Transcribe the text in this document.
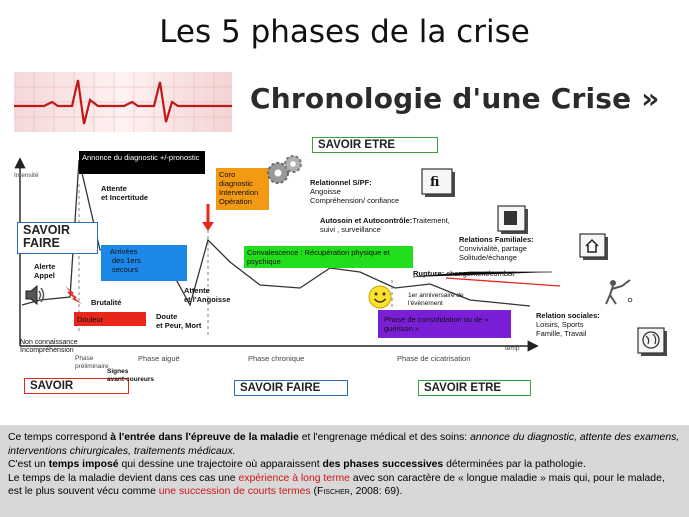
Les 5 phases de la crise
Chronologie d'une Crise »
Intensité
temp
SAVOIR ETRE
SAVOIR FAIRE
SAVOIR	SAVOIR FAIRE	SAVOIR ETRE
Annonce du diagnostic +/-pronostic
Coro
diagnostic
Intervention
Opération
Arrivées
des 1ers
secours
Convalescence : Récupération physique et psychique
Douleur	Phase de consolidation ou de « guérison »
Attente
et Incertitude
Alerte
Appel
Brutalité
Attente
et l'Angoisse
Doute
et Peur, Mort
Relationnel S/PF:
Angoisse
Compréhension/ confiance
Autosoin et Autocontrôle:Traitement,
suivi , surveillance
Relations Familiales:
Convivialité, partage
Solitude/échange
Rupture: changement/combat
1er anniversaire de
l'évènement
Relation sociales:
Loisirs, Sports
Famille, Travail
Non connaissance
Incompréhension
Phase
préliminaire
Signes
avant-coureurs
Phase aiguë	Phase chronique	Phase de cicatrisation
fi

Ce temps correspond à l'entrée dans l'épreuve de la maladie et l'engrenage médical et des soins: annonce du diagnostic, attente des examens, interventions chirurgicales, traitements médicaux.

C'est un temps imposé qui dessine une trajectoire où apparaissent des phases successives déterminées par la pathologie.

Le temps de la maladie devient dans ces cas une expérience à long terme avec son caractère de « longue maladie » mais qui, pour le malade, est le plus souvent vécu comme une succession de courts termes (Fischer, 2008: 69).
